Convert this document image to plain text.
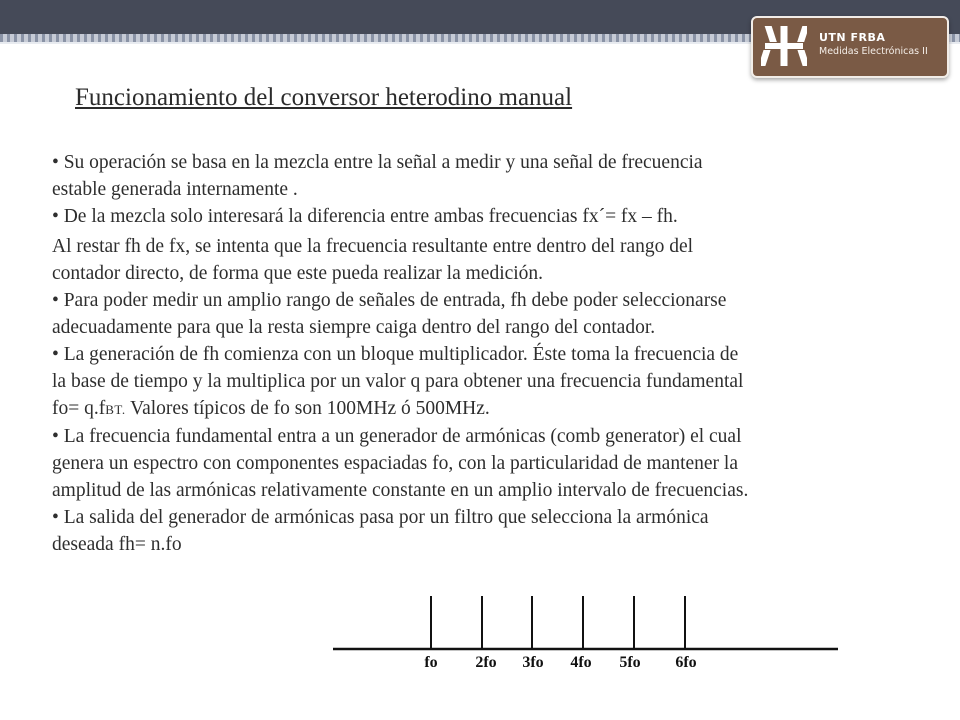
UTN FRBA
Medidas Electrónicas II
Funcionamiento del conversor heterodino manual

• Su operación se basa en la mezcla entre la señal a medir y una señal de frecuencia

estable generada internamente .

• De la mezcla solo interesará la diferencia entre ambas frecuencias fx´= fx – fh.

Al restar fh de fx, se intenta que la frecuencia resultante entre dentro del rango del

contador directo, de forma que este pueda realizar la medición.

• Para poder medir un amplio rango de señales de entrada, fh debe poder seleccionarse

adecuadamente para que la resta siempre caiga dentro del rango del contador.

• La generación de fh comienza con un bloque multiplicador. Éste toma la frecuencia de

la base de tiempo y la multiplica por un valor q para obtener una frecuencia fundamental

fo= q.fBT. Valores típicos de fo son 100MHz ó 500MHz.

• La frecuencia fundamental entra a un generador de armónicas (comb generator) el cual

genera un espectro con componentes espaciadas fo, con la particularidad de mantener la

amplitud de las armónicas relativamente constante en un amplio intervalo de frecuencias.

• La salida del generador de armónicas pasa por un filtro que selecciona la armónica

deseada fh= n.fo

fo 2fo 3fo 4fo 5fo 6fo
